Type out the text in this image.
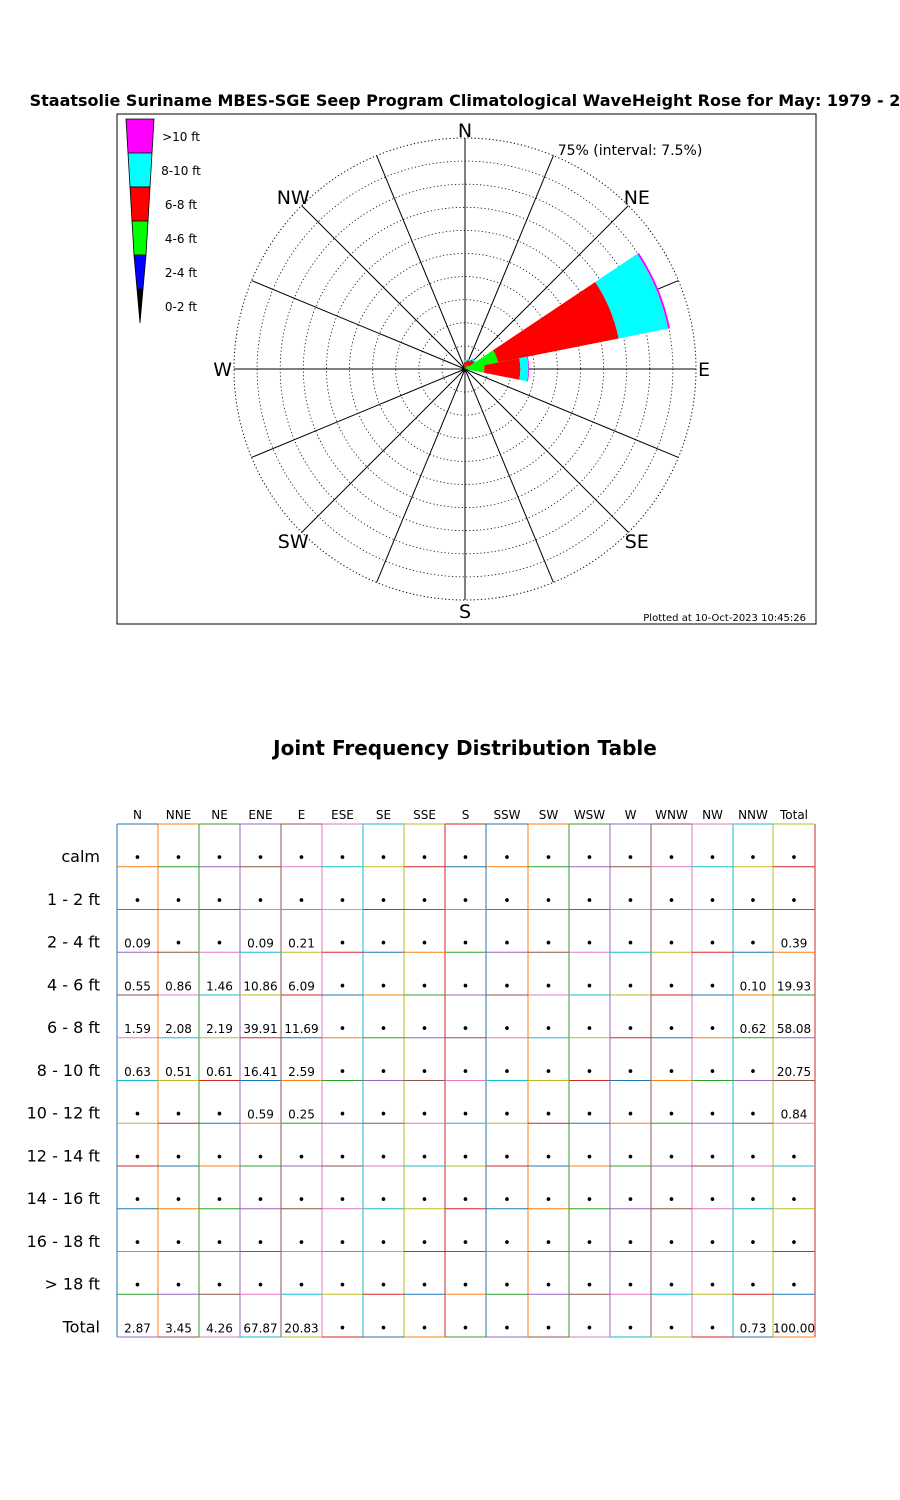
Staatsolie Suriname MBES-SGE Seep Program Climatological WaveHeight Rose for May: 1979 - 2
N
NE
E
SE
S
SW
W
NW
75% (interval: 7.5%)
Plotted at 10-Oct-2023 10:45:26
>10 ft
8-10 ft
6-8 ft
4-6 ft
2-4 ft
0-2 ft
Joint Frequency Distribution Table
N NNE NE ENE E ESE SE SSE S SSW SW WSW W WNW NW NNW Total
calm	•	•	•	•	•	•	•	•	•	•	•	•	•	•	•	•	•
1 - 2 ft	•	•	•	•	•	•	•	•	•	•	•	•	•	•	•	•	•
2 - 4 ft 0.09 •	• 0.09 0.21 •	•	•	•	•	•	•	•	•	•	• 0.39
4 - 6 ft 0.55 0.86 1.46 10.86 6.09 •	•	•	•	•	•	•	•	•	• 0.10 19.93
6 - 8 ft 1.59 2.08 2.19 39.91 11.69 •	•	•	•	•	•	•	•	•	• 0.62 58.08
8 - 10 ft 0.63 0.51 0.61 16.41 2.59 •	•	•	•	•	•	•	•	•	•	• 20.75
10 - 12 ft	•	•	• 0.59 0.25 •	•	•	•	•	•	•	•	•	•	• 0.84
12 - 14 ft	•	•	•	•	•	•	•	•	•	•	•	•	•	•	•	•	•
14 - 16 ft	•	•	•	•	•	•	•	•	•	•	•	•	•	•	•	•	•
16 - 18 ft	•	•	•	•	•	•	•	•	•	•	•	•	•	•	•	•	•
> 18 ft	•	•	•	•	•	•	•	•	•	•	•	•	•	•	•	•	•
Total 2.87 3.45 4.26 67.87 20.83 •	•	•	•	•	•	•	•	•	• 0.73 100.00
